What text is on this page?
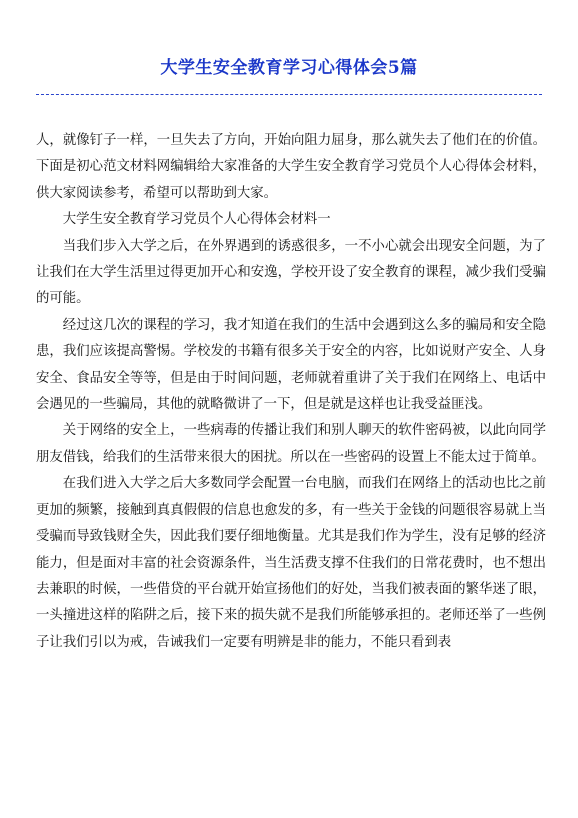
大学生安全教育学习心得体会5篇

人，就像钉子一样，一旦失去了方向，开始向阻力屈身，那么就失去了他们在的价值。下面是初心范文材料网编辑给大家准备的大学生安全教育学习党员个人心得体会材料，供大家阅读参考，希望可以帮助到大家。

大学生安全教育学习党员个人心得体会材料一

当我们步入大学之后，在外界遇到的诱惑很多，一不小心就会出现安全问题，为了让我们在大学生活里过得更加开心和安逸，学校开设了安全教育的课程，减少我们受骗的可能。

经过这几次的课程的学习，我才知道在我们的生活中会遇到这么多的骗局和安全隐患，我们应该提高警惕。学校发的书籍有很多关于安全的内容，比如说财产安全、人身安全、食品安全等等，但是由于时间问题，老师就着重讲了关于我们在网络上、电话中会遇见的一些骗局，其他的就略微讲了一下，但是就是这样也让我受益匪浅。

关于网络的安全上，一些病毒的传播让我们和别人聊天的软件密码被，以此向同学朋友借钱，给我们的生活带来很大的困扰。所以在一些密码的设置上不能太过于简单。

在我们进入大学之后大多数同学会配置一台电脑，而我们在网络上的活动也比之前更加的频繁，接触到真真假假的信息也愈发的多，有一些关于金钱的问题很容易就上当受骗而导致钱财全失，因此我们要仔细地衡量。尤其是我们作为学生，没有足够的经济能力，但是面对丰富的社会资源条件，当生活费支撑不住我们的日常花费时，也不想出去兼职的时候，一些借贷的平台就开始宣扬他们的好处，当我们被表面的繁华迷了眼，一头撞进这样的陷阱之后，接下来的损失就不是我们所能够承担的。老师还举了一些例子让我们引以为戒，告诫我们一定要有明辨是非的能力，不能只看到表
